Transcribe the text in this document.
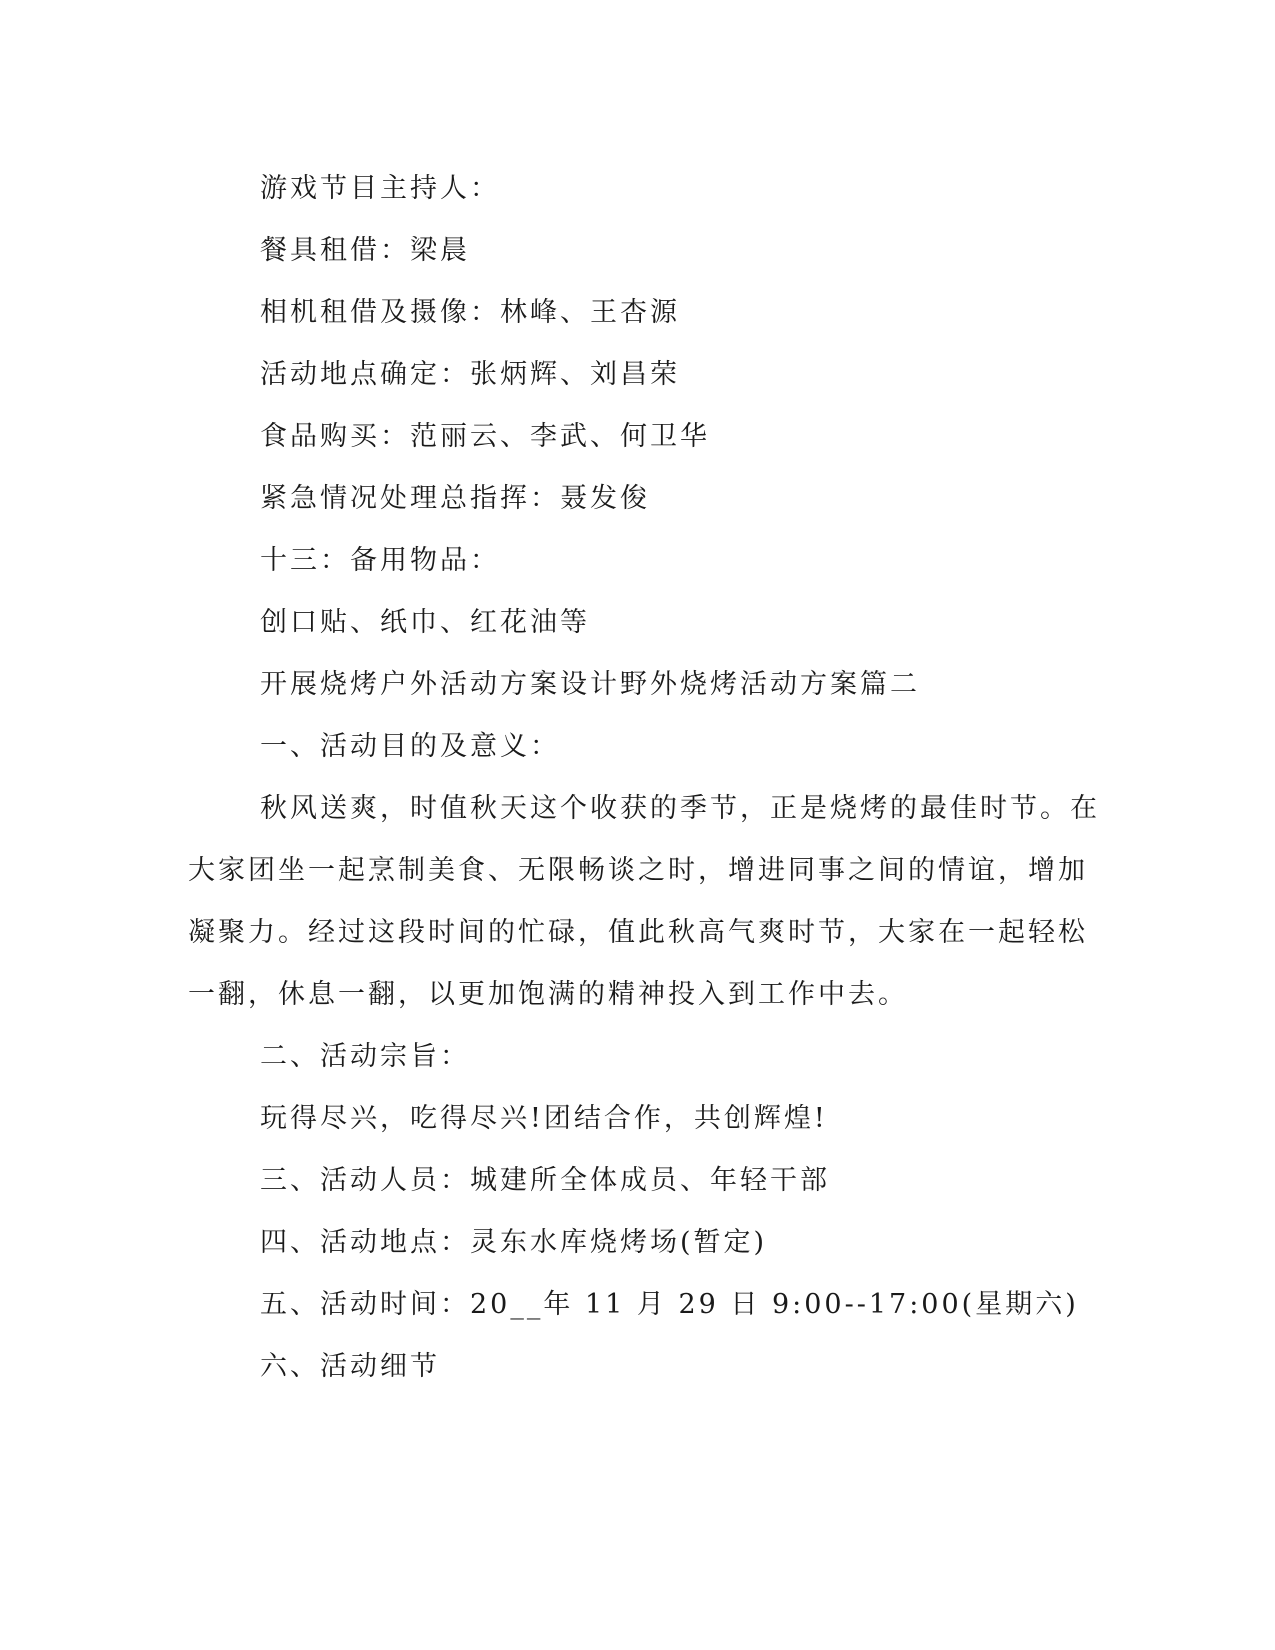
游戏节目主持人：

餐具租借：梁晨

相机租借及摄像：林峰、王杏源

活动地点确定：张炳辉、刘昌荣

食品购买：范丽云、李武、何卫华

紧急情况处理总指挥：聂发俊

十三：备用物品：

创口贴、纸巾、红花油等

开展烧烤户外活动方案设计野外烧烤活动方案篇二

一、活动目的及意义：

秋风送爽，时值秋天这个收获的季节，正是烧烤的最佳时节。在
大家团坐一起烹制美食、无限畅谈之时，增进同事之间的情谊，增加
凝聚力。经过这段时间的忙碌，值此秋高气爽时节，大家在一起轻松
一翻，休息一翻，以更加饱满的精神投入到工作中去。

二、活动宗旨：

玩得尽兴，吃得尽兴!团结合作，共创辉煌!

三、活动人员：城建所全体成员、年轻干部

四、活动地点：灵东水库烧烤场(暂定)

五、活动时间：20__年 11 月 29 日 9:00--17:00(星期六)

六、活动细节
